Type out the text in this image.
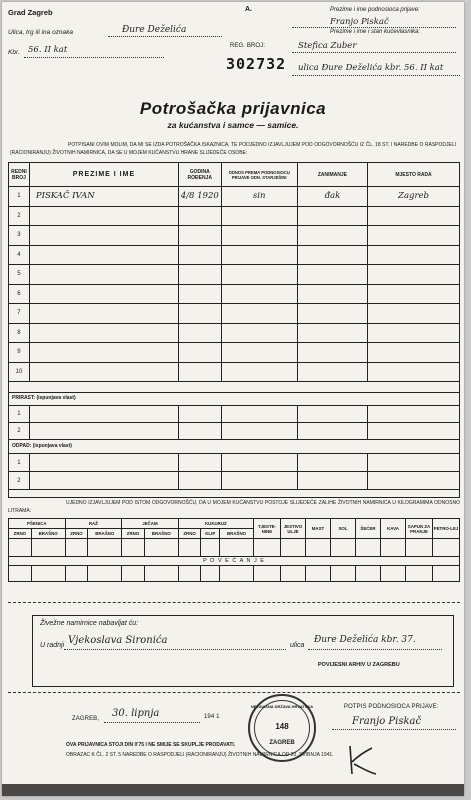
Grad Zagreb	A.
Ulica, trg ili ina oznaka	Đure Deželića
REG. BROJ:
Kbr. 56. II kat
302732
Prezime i ime podnosioca prijave:
Franjo Piskač
Prezime i ime i stan kućevlasnika:
Stefica Zuber
ulica Đure Deželića kbr. 56. II kat
Potrošačka prijavnica
za kućanstva i samce — samice.
POTPISANI OVIM MOLIM, DA MI SE IZDA POTROŠAČKA ISKAZNICA, TE PODJEDNO IZJAVLJUJEM POD ODGOVORNOŠĆU IZ ČL. 18 ST. I NAREDBE O RASPODJELI (RACIONIRANJU) ŽIVOTNIH NAMIRNICA, DA SE U MOJEM KUĆANSTVU HRANE SLIJEDEĆE OSOBE:
REDNI BROJ	PREZIME I IME	GODINA ROĐENJA	ODNOS PREMA PODNOSIOCU PRIJAVE ODN. STARJEŠINI	ZANIMANJE	MJESTO RADA
1	PISKAČ IVAN	4/8 1920	sin	đak	Zagreb
2					
3					
4					
5					
6					
7					
8					
9					
10					
PRIRAST: (ispunjava vlast)
1					
2					
ODPAD: (ispunjava vlast)
1					
2					
UJEDNO IZJAVLJUJEM POD ISTOM ODGOVORNOŠĆU, DA U MOJEM KUĆANSTVU POSTOJE SLIJEDEĆE ZALIHE ŽIVOTNIH NAMIRNICA U KILOGRAMIMA ODNOSNO LITRAMA:
PŠENICA		RAŽ		JEČAM		KUKURUZ			TJESTE-NINE	JESTIVO ULJE	MAST	SOL	ŠEĆER	KAVA	SAPUN ZA PRANJE	PETRO-LEJ
ZRNO	BRAŠNO	ZRNO	BRAŠNO	ZRNO	BRAŠNO	ZRNO	KLIP	BRAŠNO								

P O V E Ć A N J E																

Živežne namirnice nabavljat ću:
U radnji Vjekoslava Sironića	ulica
Đure Deželića kbr. 37.
POVIJESNI ARHIV U ZAGREBU
ZAGREB, 30. lipnja	194 1
NEZAVISNA DRŽAVA HRVATSKA
148
ZAGREB
POTPIS PODNOSIOCA PRIJAVE:
Franjo Piskač
OVA PRIJAVNICA STOJI DIN 0'75 I NE SMIJE SE SKUPLJE PRODAVATI.
OBRAZAC K ČL. 2 ST. 5 NAREDBE O RASPODJELI (RACIONIRANJU) ŽIVOTNIH NAMIRNICA OD 20. SVIBNJA 1941.
